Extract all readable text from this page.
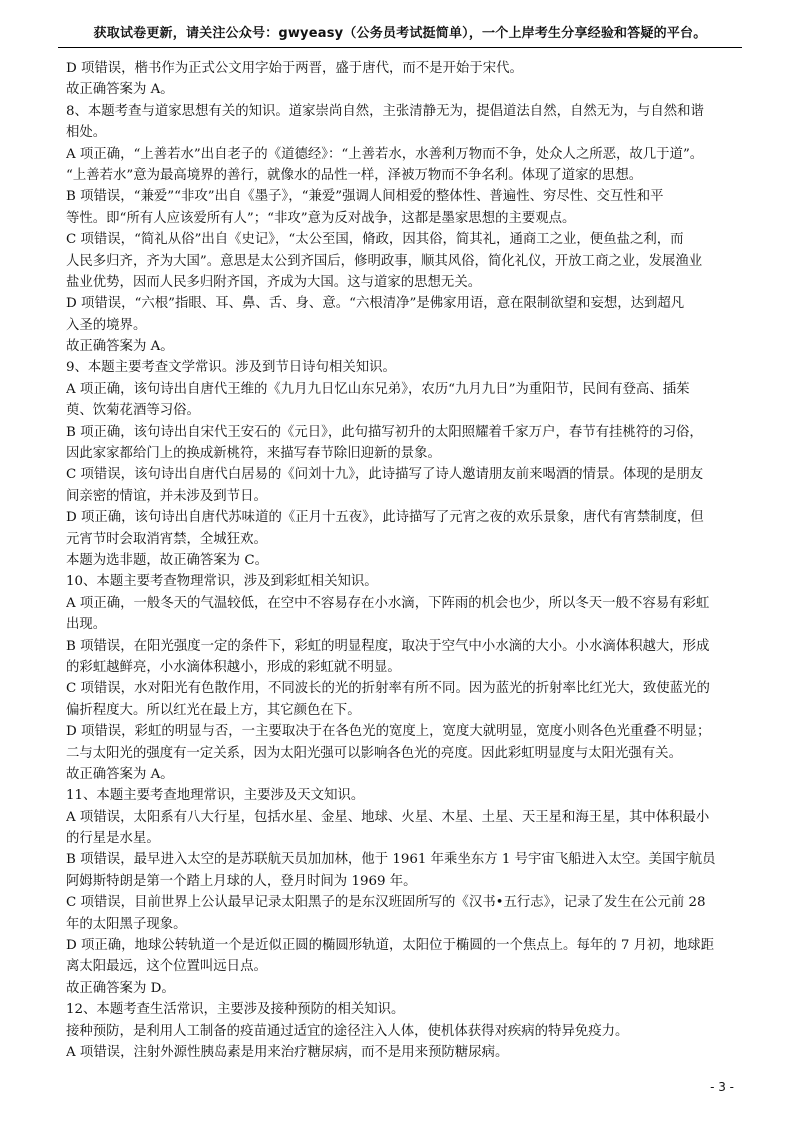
获取试卷更新，请关注公众号：gwyeasy（公务员考试挺简单），一个上岸考生分享经验和答疑的平台。
D 项错误，楷书作为正式公文用字始于两晋，盛于唐代，而不是开始于宋代。
故正确答案为 A。
8、本题考查与道家思想有关的知识。道家崇尚自然，主张清静无为，提倡道法自然，自然无为，与自然和谐
相处。
A 项正确，“上善若水”出自老子的《道德经》：“上善若水，水善利万物而不争，处众人之所恶，故几于道”。
“上善若水”意为最高境界的善行，就像水的品性一样，泽被万物而不争名利。体现了道家的思想。
B 项错误，“兼爱”“非攻”出自《墨子》，“兼爱”强调人间相爱的整体性、普遍性、穷尽性、交互性和平
等性。即“所有人应该爱所有人”；“非攻”意为反对战争，这都是墨家思想的主要观点。
C 项错误，“简礼从俗”出自《史记》，“太公至国，脩政，因其俗，简其礼，通商工之业，便鱼盐之利，而
人民多归齐，齐为大国”。意思是太公到齐国后，修明政事，顺其风俗，简化礼仪，开放工商之业，发展渔业
盐业优势，因而人民多归附齐国，齐成为大国。这与道家的思想无关。
D 项错误，“六根”指眼、耳、鼻、舌、身、意。“六根清净”是佛家用语，意在限制欲望和妄想，达到超凡
入圣的境界。
故正确答案为 A。
9、本题主要考查文学常识。涉及到节日诗句相关知识。
A 项正确，该句诗出自唐代王维的《九月九日忆山东兄弟》，农历“九月九日”为重阳节，民间有登高、插茱
萸、饮菊花酒等习俗。
B 项正确，该句诗出自宋代王安石的《元日》，此句描写初升的太阳照耀着千家万户，春节有挂桃符的习俗，
因此家家都给门上的换成新桃符，来描写春节除旧迎新的景象。
C 项错误，该句诗出自唐代白居易的《问刘十九》，此诗描写了诗人邀请朋友前来喝酒的情景。体现的是朋友
间亲密的情谊，并未涉及到节日。
D 项正确，该句诗出自唐代苏味道的《正月十五夜》，此诗描写了元宵之夜的欢乐景象，唐代有宵禁制度，但
元宵节时会取消宵禁，全城狂欢。
本题为选非题，故正确答案为 C。
10、本题主要考查物理常识，涉及到彩虹相关知识。
A 项正确，一般冬天的气温较低，在空中不容易存在小水滴，下阵雨的机会也少，所以冬天一般不容易有彩虹
出现。
B 项错误，在阳光强度一定的条件下，彩虹的明显程度，取决于空气中小水滴的大小。小水滴体积越大，形成
的彩虹越鲜亮，小水滴体积越小，形成的彩虹就不明显。
C 项错误，水对阳光有色散作用，不同波长的光的折射率有所不同。因为蓝光的折射率比红光大，致使蓝光的
偏折程度大。所以红光在最上方，其它颜色在下。
D 项错误，彩虹的明显与否，一主要取决于在各色光的宽度上，宽度大就明显，宽度小则各色光重叠不明显；
二与太阳光的强度有一定关系，因为太阳光强可以影响各色光的亮度。因此彩虹明显度与太阳光强有关。
故正确答案为 A。
11、本题主要考查地理常识，主要涉及天文知识。
A 项错误，太阳系有八大行星，包括水星、金星、地球、火星、木星、土星、天王星和海王星，其中体积最小
的行星是水星。
B 项错误，最早进入太空的是苏联航天员加加林，他于 1961 年乘坐东方 1 号宇宙飞船进入太空。美国宇航员
阿姆斯特朗是第一个踏上月球的人，登月时间为 1969 年。
C 项错误，目前世界上公认最早记录太阳黑子的是东汉班固所写的《汉书•五行志》，记录了发生在公元前 28
年的太阳黑子现象。
D 项正确，地球公转轨道一个是近似正圆的椭圆形轨道，太阳位于椭圆的一个焦点上。每年的 7 月初，地球距
离太阳最远，这个位置叫远日点。
故正确答案为 D。
12、本题考查生活常识，主要涉及接种预防的相关知识。
接种预防，是利用人工制备的疫苗通过适宜的途径注入人体，使机体获得对疾病的特异免疫力。
A 项错误，注射外源性胰岛素是用来治疗糖尿病，而不是用来预防糖尿病。
- 3 -
